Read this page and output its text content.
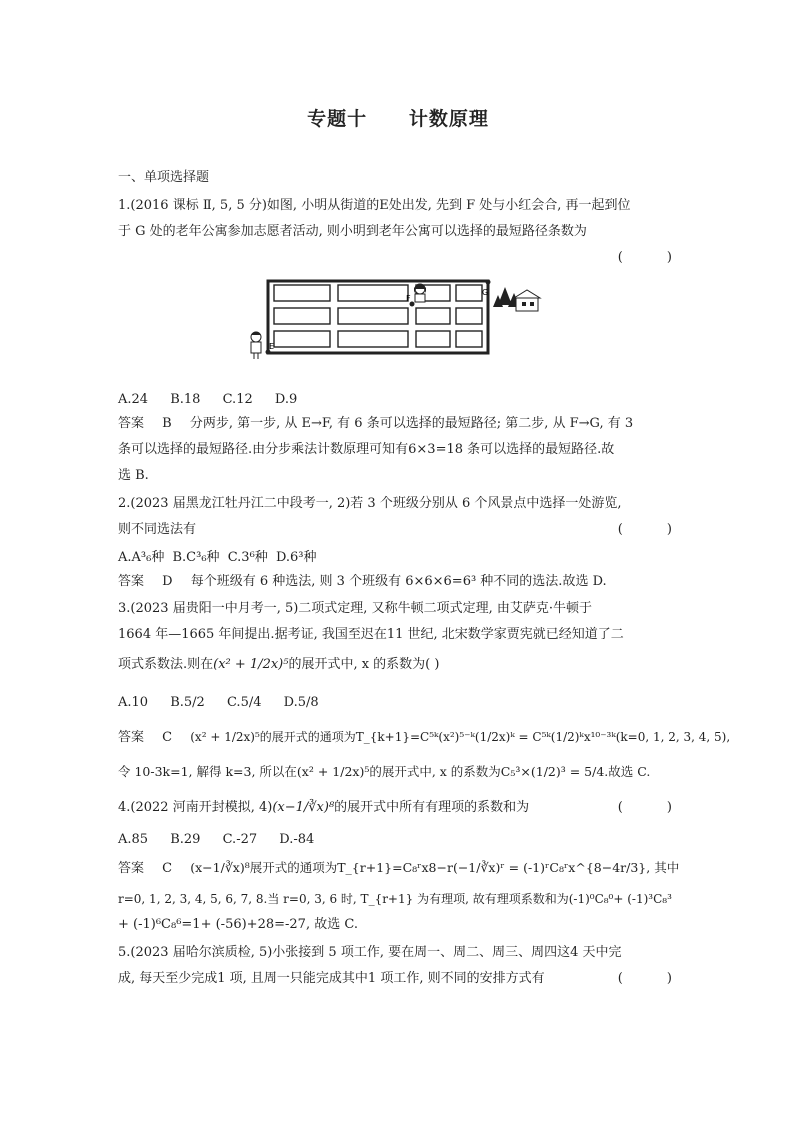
专题十 计数原理
一、单项选择题
1.(2016 课标 Ⅱ, 5, 5 分)如图, 小明从街道的E处出发, 先到 F 处与小红会合, 再一起到位
于 G 处的老年公寓参加志愿者活动, 则小明到老年公寓可以选择的最短路径条数为
( )
E
F
G
A.24 B.18 C.12 D.9
答案 B 分两步, 第一步, 从 E→F, 有 6 条可以选择的最短路径; 第二步, 从 F→G, 有 3
条可以选择的最短路径.由分步乘法计数原理可知有6×3=18 条可以选择的最短路径.故
选 B.
2.(2023 届黑龙江牡丹江二中段考一, 2)若 3 个班级分别从 6 个风景点中选择一处游览,
则不同选法有	( )
A.A³₆种 B.C³₆种 C.3⁶种 D.6³种
答案 D 每个班级有 6 种选法, 则 3 个班级有 6×6×6=6³ 种不同的选法.故选 D.
3.(2023 届贵阳一中月考一, 5)二项式定理, 又称牛顿二项式定理, 由艾萨克·牛顿于
1664 年—1665 年间提出.据考证, 我国至迟在11 世纪, 北宋数学家贾宪就已经知道了二
项式系数法.则在(x² + 1/2x)⁵的展开式中, x 的系数为( )
A.10 B.5/2 C.5/4 D.5/8
答案 C (x² + 1/2x)⁵的展开式的通项为T_{k+1}=C⁵ᵏ(x²)⁵⁻ᵏ(1/2x)ᵏ = C⁵ᵏ(1/2)ᵏx¹⁰⁻³ᵏ(k=0, 1, 2, 3, 4, 5),
令 10-3k=1, 解得 k=3, 所以在(x² + 1/2x)⁵的展开式中, x 的系数为C₅³×(1/2)³ = 5/4.故选 C.
4.(2022 河南开封模拟, 4)(x−1/∛x)⁸的展开式中所有有理项的系数和为	( )
A.85 B.29 C.-27 D.-84
答案 C (x−1/∛x)⁸展开式的通项为T_{r+1}=C₈ʳx8−r(−1/∛x)ʳ = (-1)ʳC₈ʳx^{8−4r/3}, 其中
r=0, 1, 2, 3, 4, 5, 6, 7, 8.当 r=0, 3, 6 时, T_{r+1} 为有理项, 故有理项系数和为(-1)⁰C₈⁰+ (-1)³C₈³
+ (-1)⁶C₈⁶=1+ (-56)+28=-27, 故选 C.
5.(2023 届哈尔滨质检, 5)小张接到 5 项工作, 要在周一、周二、周三、周四这4 天中完
成, 每天至少完成1 项, 且周一只能完成其中1 项工作, 则不同的安排方式有	( )
